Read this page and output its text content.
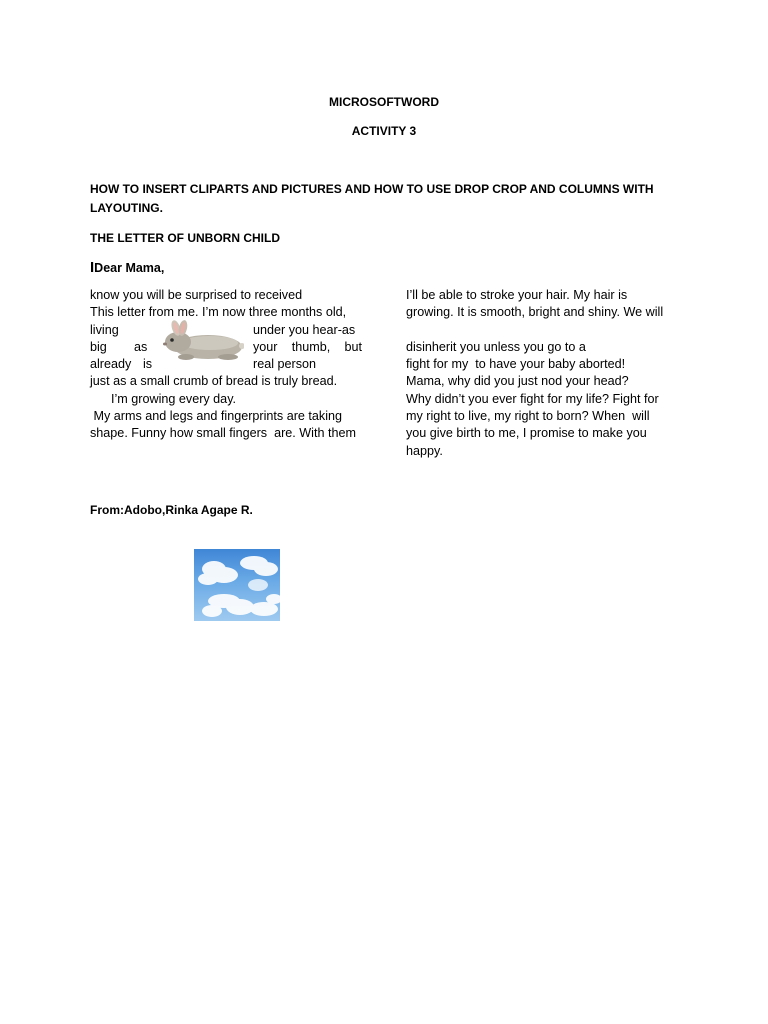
MICROSOFTWORD
ACTIVITY 3
HOW TO INSERT CLIPARTS AND PICTURES AND HOW TO USE DROP CROP AND COLUMNS WITH
LAYOUTING.
THE LETTER OF UNBORN CHILD
IDear Mama,
know you will be surprised to received
This letter from me. I’m now three months old,
living	under you hear-as
big	as	your thumb, but
already is	real person
just as a small crumb of bread is truly bread.
I’m growing every day.
My arms and legs and fingerprints are taking
shape. Funny how small fingers  are. With them
I’ll be able to stroke your hair. My hair is
growing. It is smooth, bright and shiny. We will
disinherit you unless you go to a
fight for my  to have your baby aborted!
Mama, why did you just nod your head?
Why didn’t you ever fight for my life? Fight for
my right to live, my right to born? When  will
you give birth to me, I promise to make you
happy.
From:Adobo,Rinka Agape R.
